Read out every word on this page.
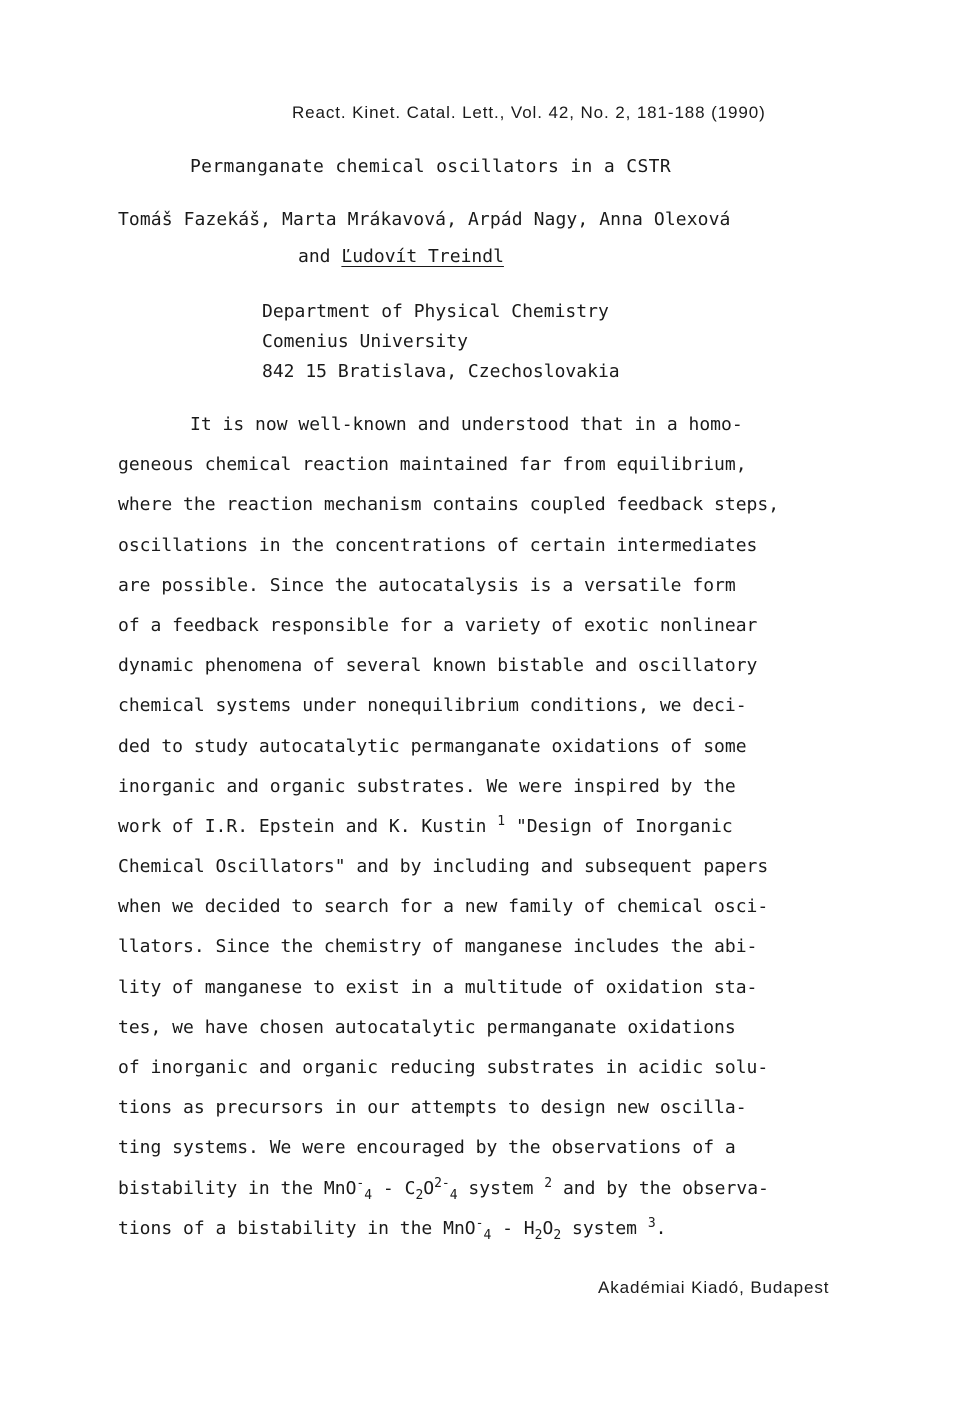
React. Kinet. Catal. Lett., Vol. 42, No. 2, 181-188 (1990)
Permanganate chemical oscillators in a CSTR
Tomáš Fazekáš, Marta Mrákavová, Arpád Nagy, Anna Olexová
and Ľudovít Treindl
Department of Physical Chemistry
Comenius University
842 15 Bratislava, Czechoslovakia
It is now well-known and understood that in a homo-
geneous chemical reaction maintained far from equilibrium,
where the reaction mechanism contains coupled feedback steps,
oscillations in the concentrations of certain intermediates
are possible. Since the autocatalysis is a versatile form
of a feedback responsible for a variety of exotic nonlinear
dynamic phenomena of several known bistable and oscillatory
chemical systems under nonequilibrium conditions, we deci-
ded to study autocatalytic permanganate oxidations of some
inorganic and organic substrates. We were inspired by the
work of I.R. Epstein and K. Kustin $^1$ "Design of Inorganic
Chemical Oscillators" and by including and subsequent papers
when we decided to search for a new family of chemical osci-
llators. Since the chemistry of manganese includes the abi-
lity of manganese to exist in a multitude of oxidation sta-
tes, we have chosen autocatalytic permanganate oxidations
of inorganic and organic reducing substrates in acidic solu-
tions as precursors in our attempts to design new oscilla-
ting systems. We were encouraged by the observations of a
bistability in the $MnO^-_4 - C_2O^{2-}_4$ system $^2$ and by the observa-
tions of a bistability in the $MnO^-_4 - H_2O_2$ system $^3$.
Akadémiai Kiadó, Budapest
